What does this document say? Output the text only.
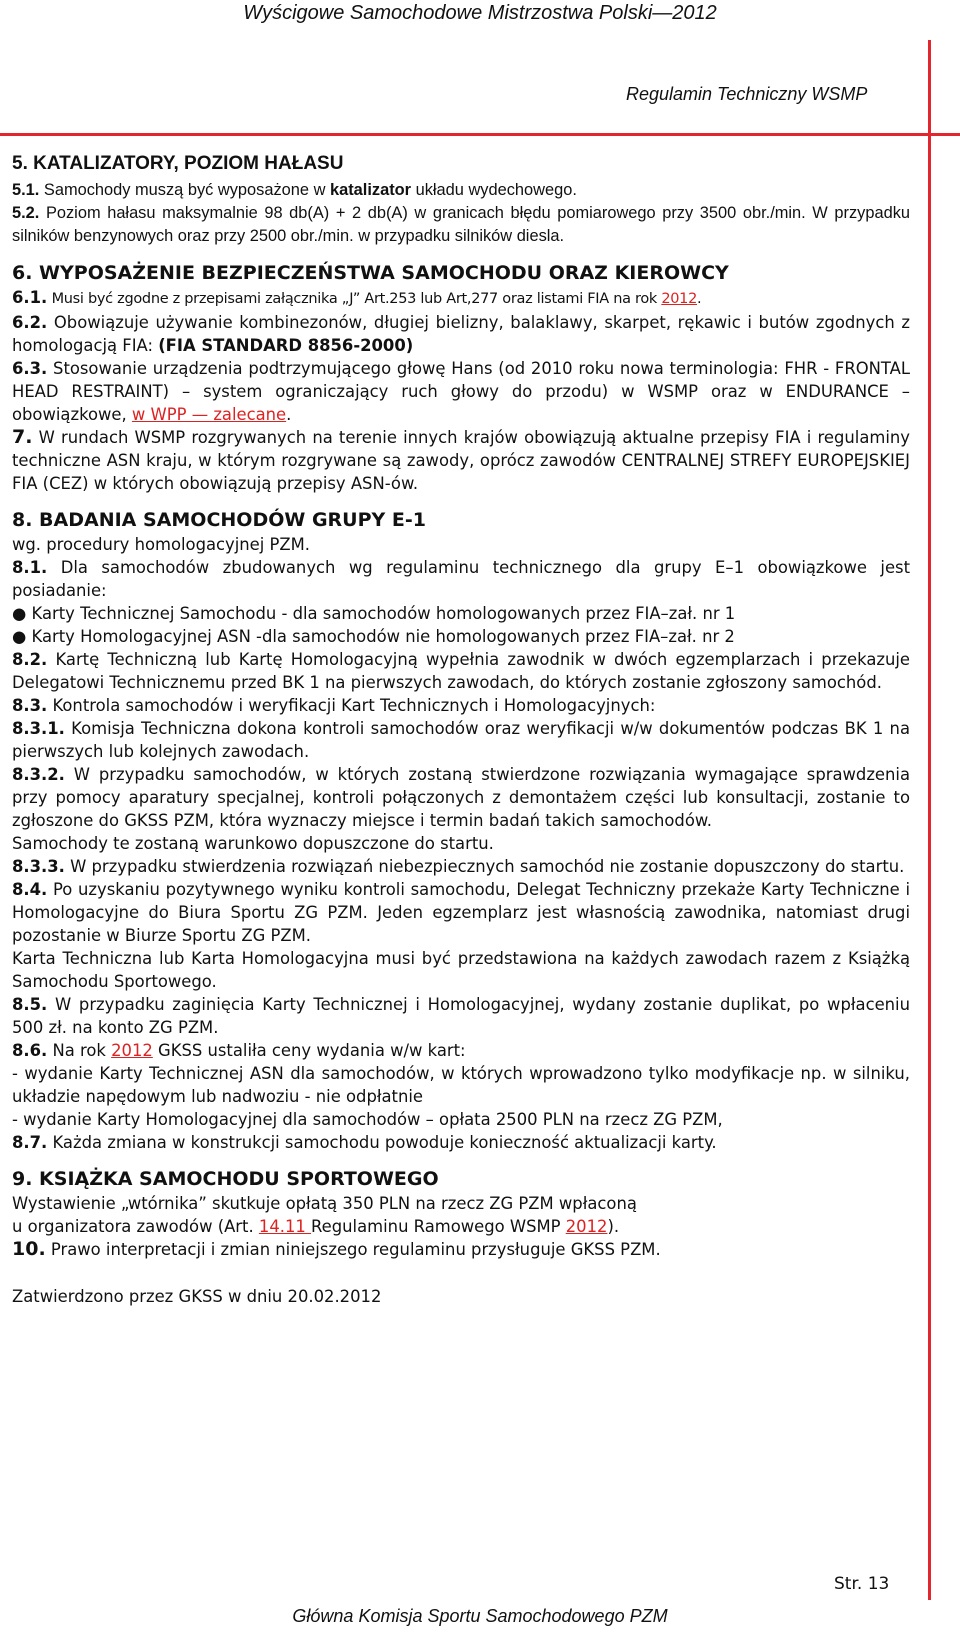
Wyścigowe Samochodowe Mistrzostwa Polski—2012
Regulamin Techniczny WSMP
5. KATALIZATORY, POZIOM HAŁASU

5.1. Samochody muszą być wyposażone w katalizator układu wydechowego.

5.2. Poziom hałasu maksymalnie 98 db(A) + 2 db(A) w granicach błędu pomiarowego przy 3500 obr./min. W przypadku silników benzynowych oraz przy 2500 obr./min. w przypadku silników diesla.

6. WYPOSAŻENIE BEZPIECZEŃSTWA SAMOCHODU ORAZ KIEROWCY

6.1. Musi być zgodne z przepisami załącznika „J” Art.253 lub Art,277 oraz listami FIA na rok 2012.

6.2. Obowiązuje używanie kombinezonów, długiej bielizny, balaklawy, skarpet, rękawic i butów zgodnych z homologacją FIA: (FIA STANDARD 8856-2000)

6.3. Stosowanie urządzenia podtrzymującego głowę Hans (od 2010 roku nowa terminologia: FHR - FRONTAL HEAD RESTRAINT) – system ograniczający ruch głowy do przodu) w WSMP oraz w ENDURANCE – obowiązkowe, w WPP — zalecane.

7. W rundach WSMP rozgrywanych na terenie innych krajów obowiązują aktualne przepisy FIA i regulaminy techniczne ASN kraju, w którym rozgrywane są zawody, oprócz zawodów CENTRALNEJ STREFY EUROPEJSKIEJ FIA (CEZ) w których obowiązują przepisy ASN-ów.

8. BADANIA SAMOCHODÓW GRUPY E-1

wg. procedury homologacyjnej PZM.

8.1. Dla samochodów zbudowanych wg regulaminu technicznego dla grupy E–1 obowiązkowe jest posiadanie:

● Karty Technicznej Samochodu - dla samochodów homologowanych przez FIA–zał. nr 1

● Karty Homologacyjnej ASN -dla samochodów nie homologowanych przez FIA–zał. nr 2

8.2. Kartę Techniczną lub Kartę Homologacyjną wypełnia zawodnik w dwóch egzemplarzach i przekazuje Delegatowi Technicznemu przed BK 1 na pierwszych zawodach, do których zostanie zgłoszony samochód.

8.3. Kontrola samochodów i weryfikacji Kart Technicznych i Homologacyjnych:

8.3.1. Komisja Techniczna dokona kontroli samochodów oraz weryfikacji w/w dokumentów podczas BK 1 na pierwszych lub kolejnych zawodach.

8.3.2. W przypadku samochodów, w których zostaną stwierdzone rozwiązania wymagające sprawdzenia przy pomocy aparatury specjalnej, kontroli połączonych z demontażem części lub konsultacji, zostanie to zgłoszone do GKSS PZM, która wyznaczy miejsce i termin badań takich samochodów.

Samochody te zostaną warunkowo dopuszczone do startu.

8.3.3. W przypadku stwierdzenia rozwiązań niebezpiecznych samochód nie zostanie dopuszczony do startu.

8.4. Po uzyskaniu pozytywnego wyniku kontroli samochodu, Delegat Techniczny przekaże Karty Techniczne i Homologacyjne do Biura Sportu ZG PZM. Jeden egzemplarz jest własnością zawodnika, natomiast drugi pozostanie w Biurze Sportu ZG PZM.

Karta Techniczna lub Karta Homologacyjna musi być przedstawiona na każdych zawodach razem z Książką Samochodu Sportowego.

8.5. W przypadku zaginięcia Karty Technicznej i Homologacyjnej, wydany zostanie duplikat, po wpłaceniu 500 zł. na konto ZG PZM.

8.6. Na rok 2012 GKSS ustaliła ceny wydania w/w kart:

- wydanie Karty Technicznej ASN dla samochodów, w których wprowadzono tylko modyfikacje np. w silniku, układzie napędowym lub nadwoziu - nie odpłatnie

- wydanie Karty Homologacyjnej dla samochodów – opłata 2500 PLN na rzecz ZG PZM,

8.7. Każda zmiana w konstrukcji samochodu powoduje konieczność aktualizacji karty.

9. KSIĄŻKA SAMOCHODU SPORTOWEGO

Wystawienie „wtórnika” skutkuje opłatą 350 PLN na rzecz ZG PZM wpłaconą

u organizatora zawodów (Art. 14.11 Regulaminu Ramowego WSMP 2012).

10. Prawo interpretacji i zmian niniejszego regulaminu przysługuje GKSS PZM.

Zatwierdzono przez GKSS w dniu 20.02.2012

Str. 13
Główna Komisja Sportu Samochodowego PZM
